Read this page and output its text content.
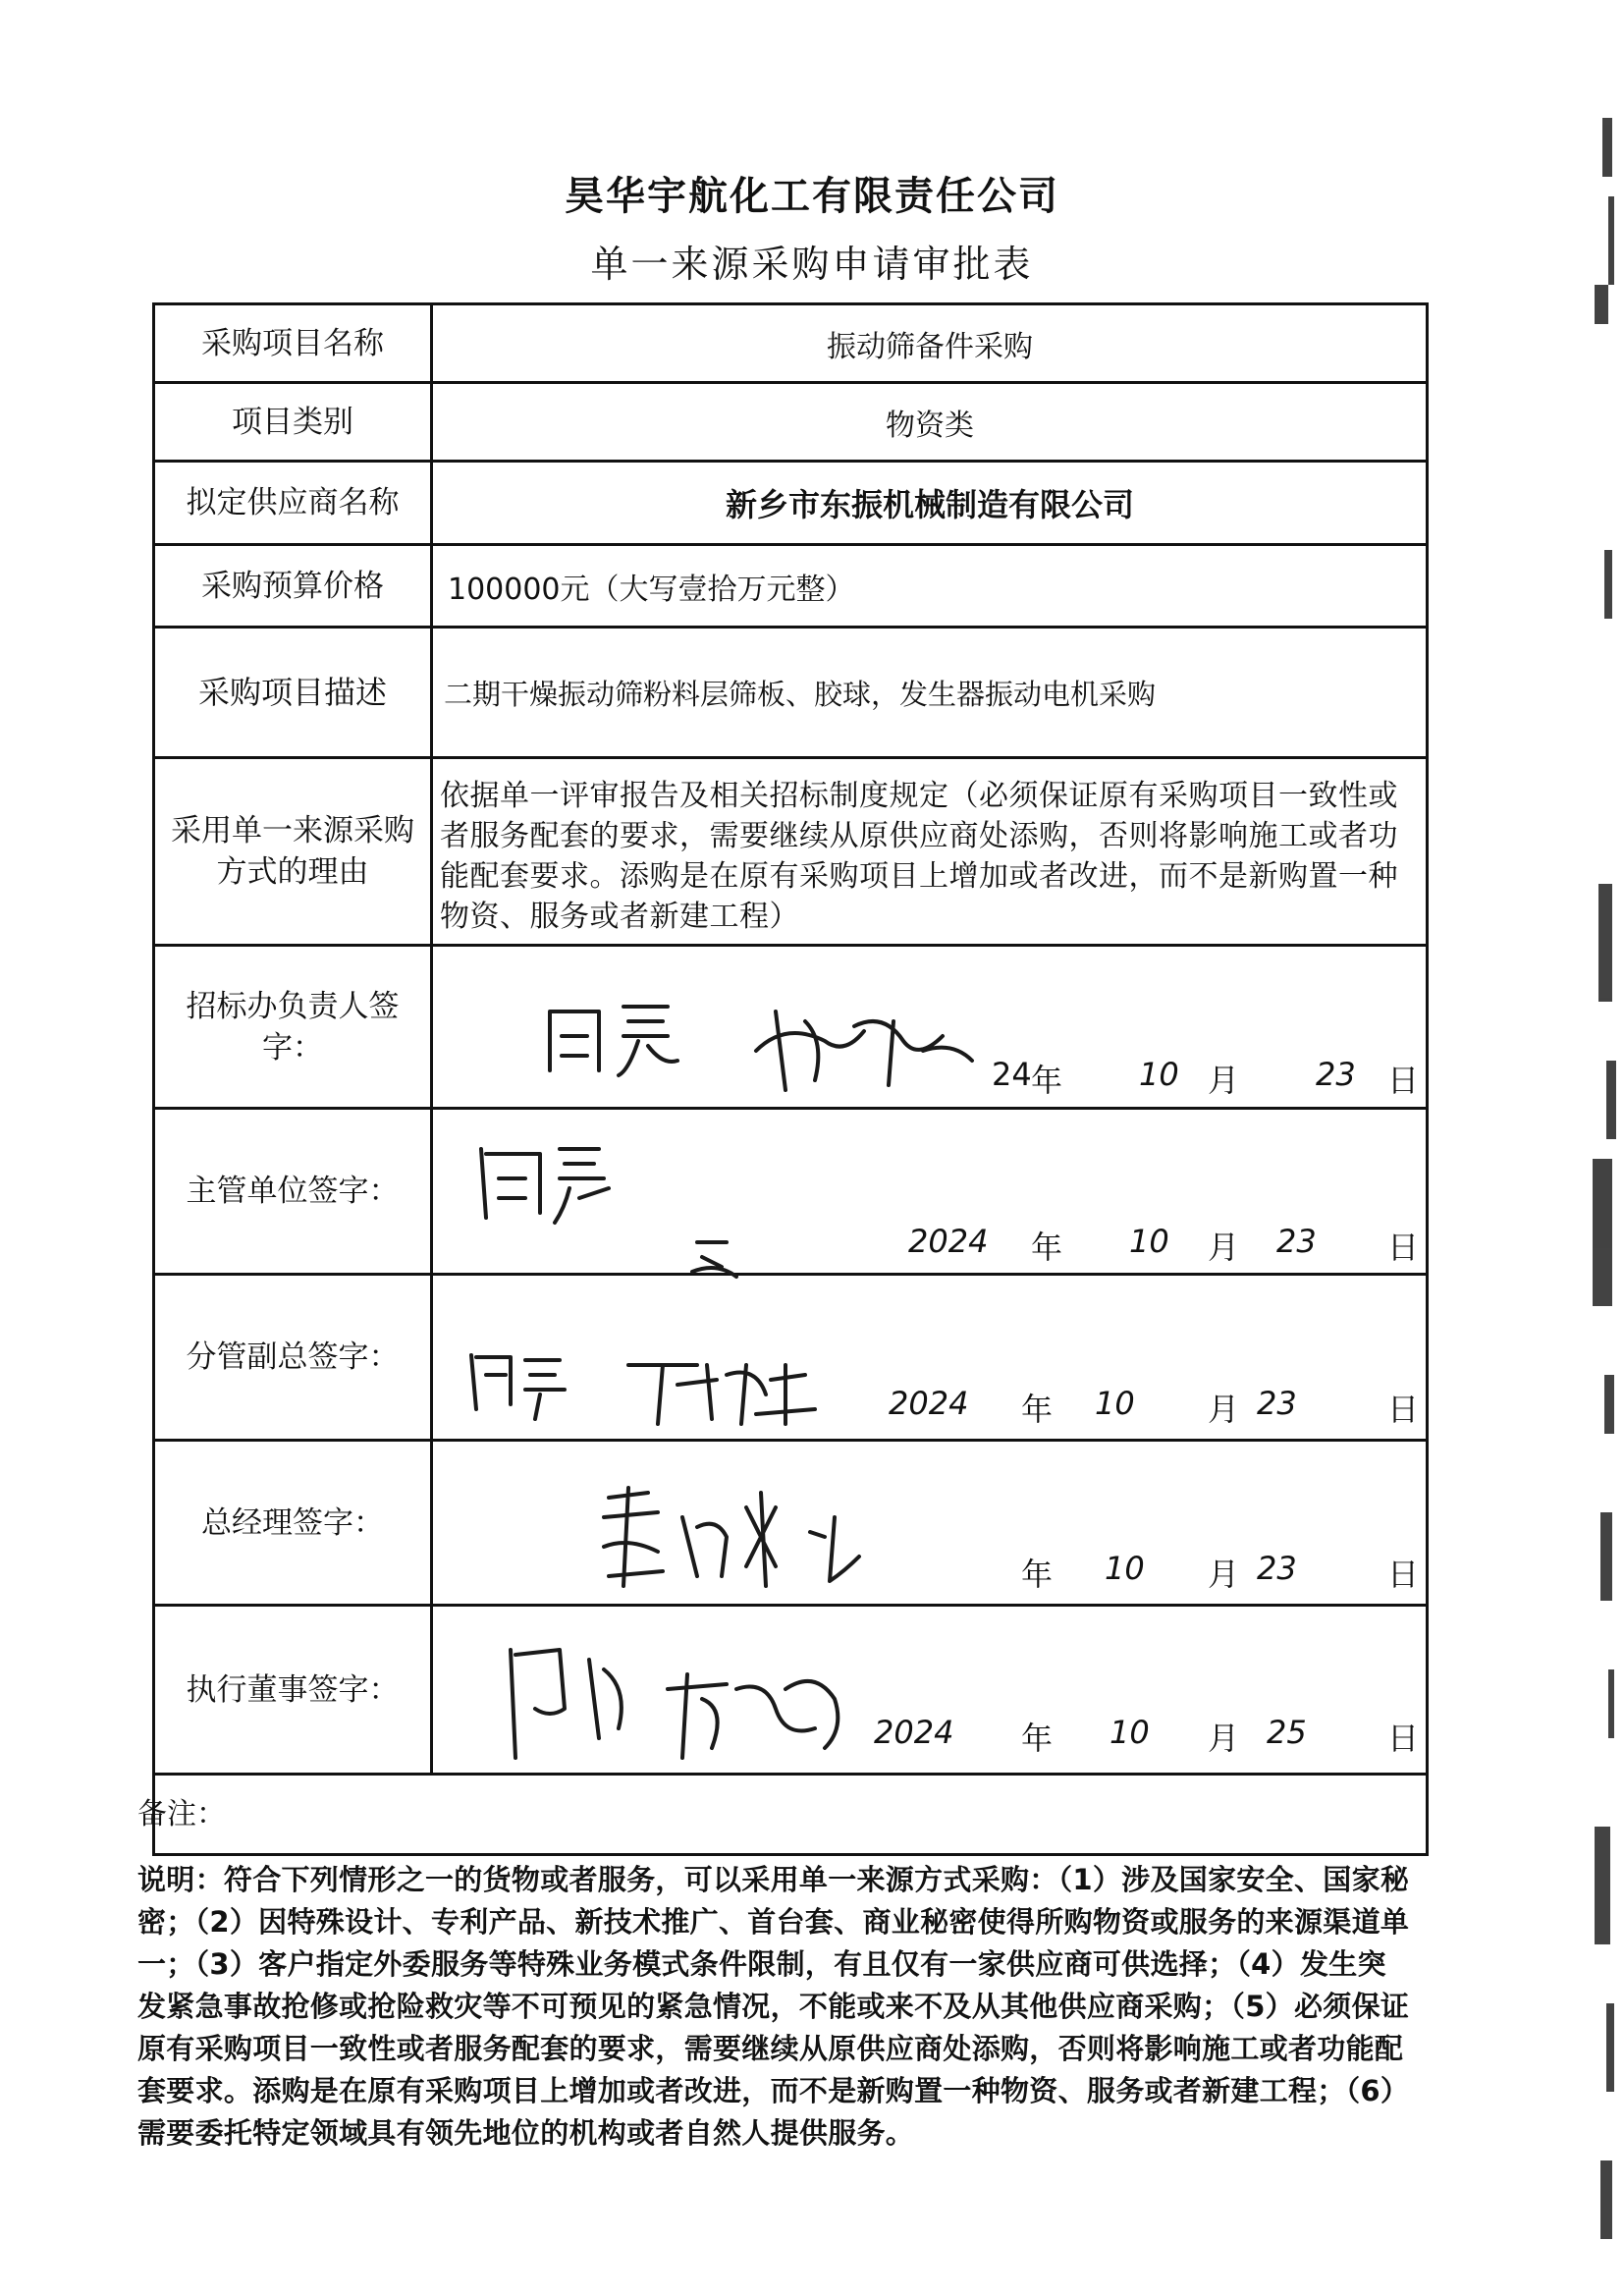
昊华宇航化工有限责任公司
单一来源采购申请审批表
采购项目名称	振动筛备件采购
项目类别	物资类
拟定供应商名称	新乡市东振机械制造有限公司
采购预算价格	100000元（大写壹拾万元整）
采购项目描述	二期干燥振动筛粉料层筛板、胶球，发生器振动电机采购
采用单一来源采购
方式的理由
依据单一评审报告及相关招标制度规定（必须保证原有采购项目一致性或者服务配套的要求，需要继续从原供应商处添购，否则将影响施工或者功能配套要求。添购是在原有采购项目上增加或者改进，而不是新购置一种物资、服务或者新建工程）
招标办负责人签
字：
24 年 10 月 23 日
主管单位签字：
2024 年 10 月 23 日
分管副总签字：
2024 年 10 月 23	日
总经理签字：
年 10 月 23	日
执行董事签字：
2024 年 10 月 25	日
备注：
说明：符合下列情形之一的货物或者服务，可以采用单一来源方式采购：（1）涉及国家安全、国家秘密；（2）因特殊设计、专利产品、新技术推广、首台套、商业秘密使得所购物资或服务的来源渠道单一；（3）客户指定外委服务等特殊业务模式条件限制，有且仅有一家供应商可供选择；（4）发生突发紧急事故抢修或抢险救灾等不可预见的紧急情况，不能或来不及从其他供应商采购；（5）必须保证原有采购项目一致性或者服务配套的要求，需要继续从原供应商处添购，否则将影响施工或者功能配套要求。添购是在原有采购项目上增加或者改进，而不是新购置一种物资、服务或者新建工程；（6）需要委托特定领域具有领先地位的机构或者自然人提供服务。
